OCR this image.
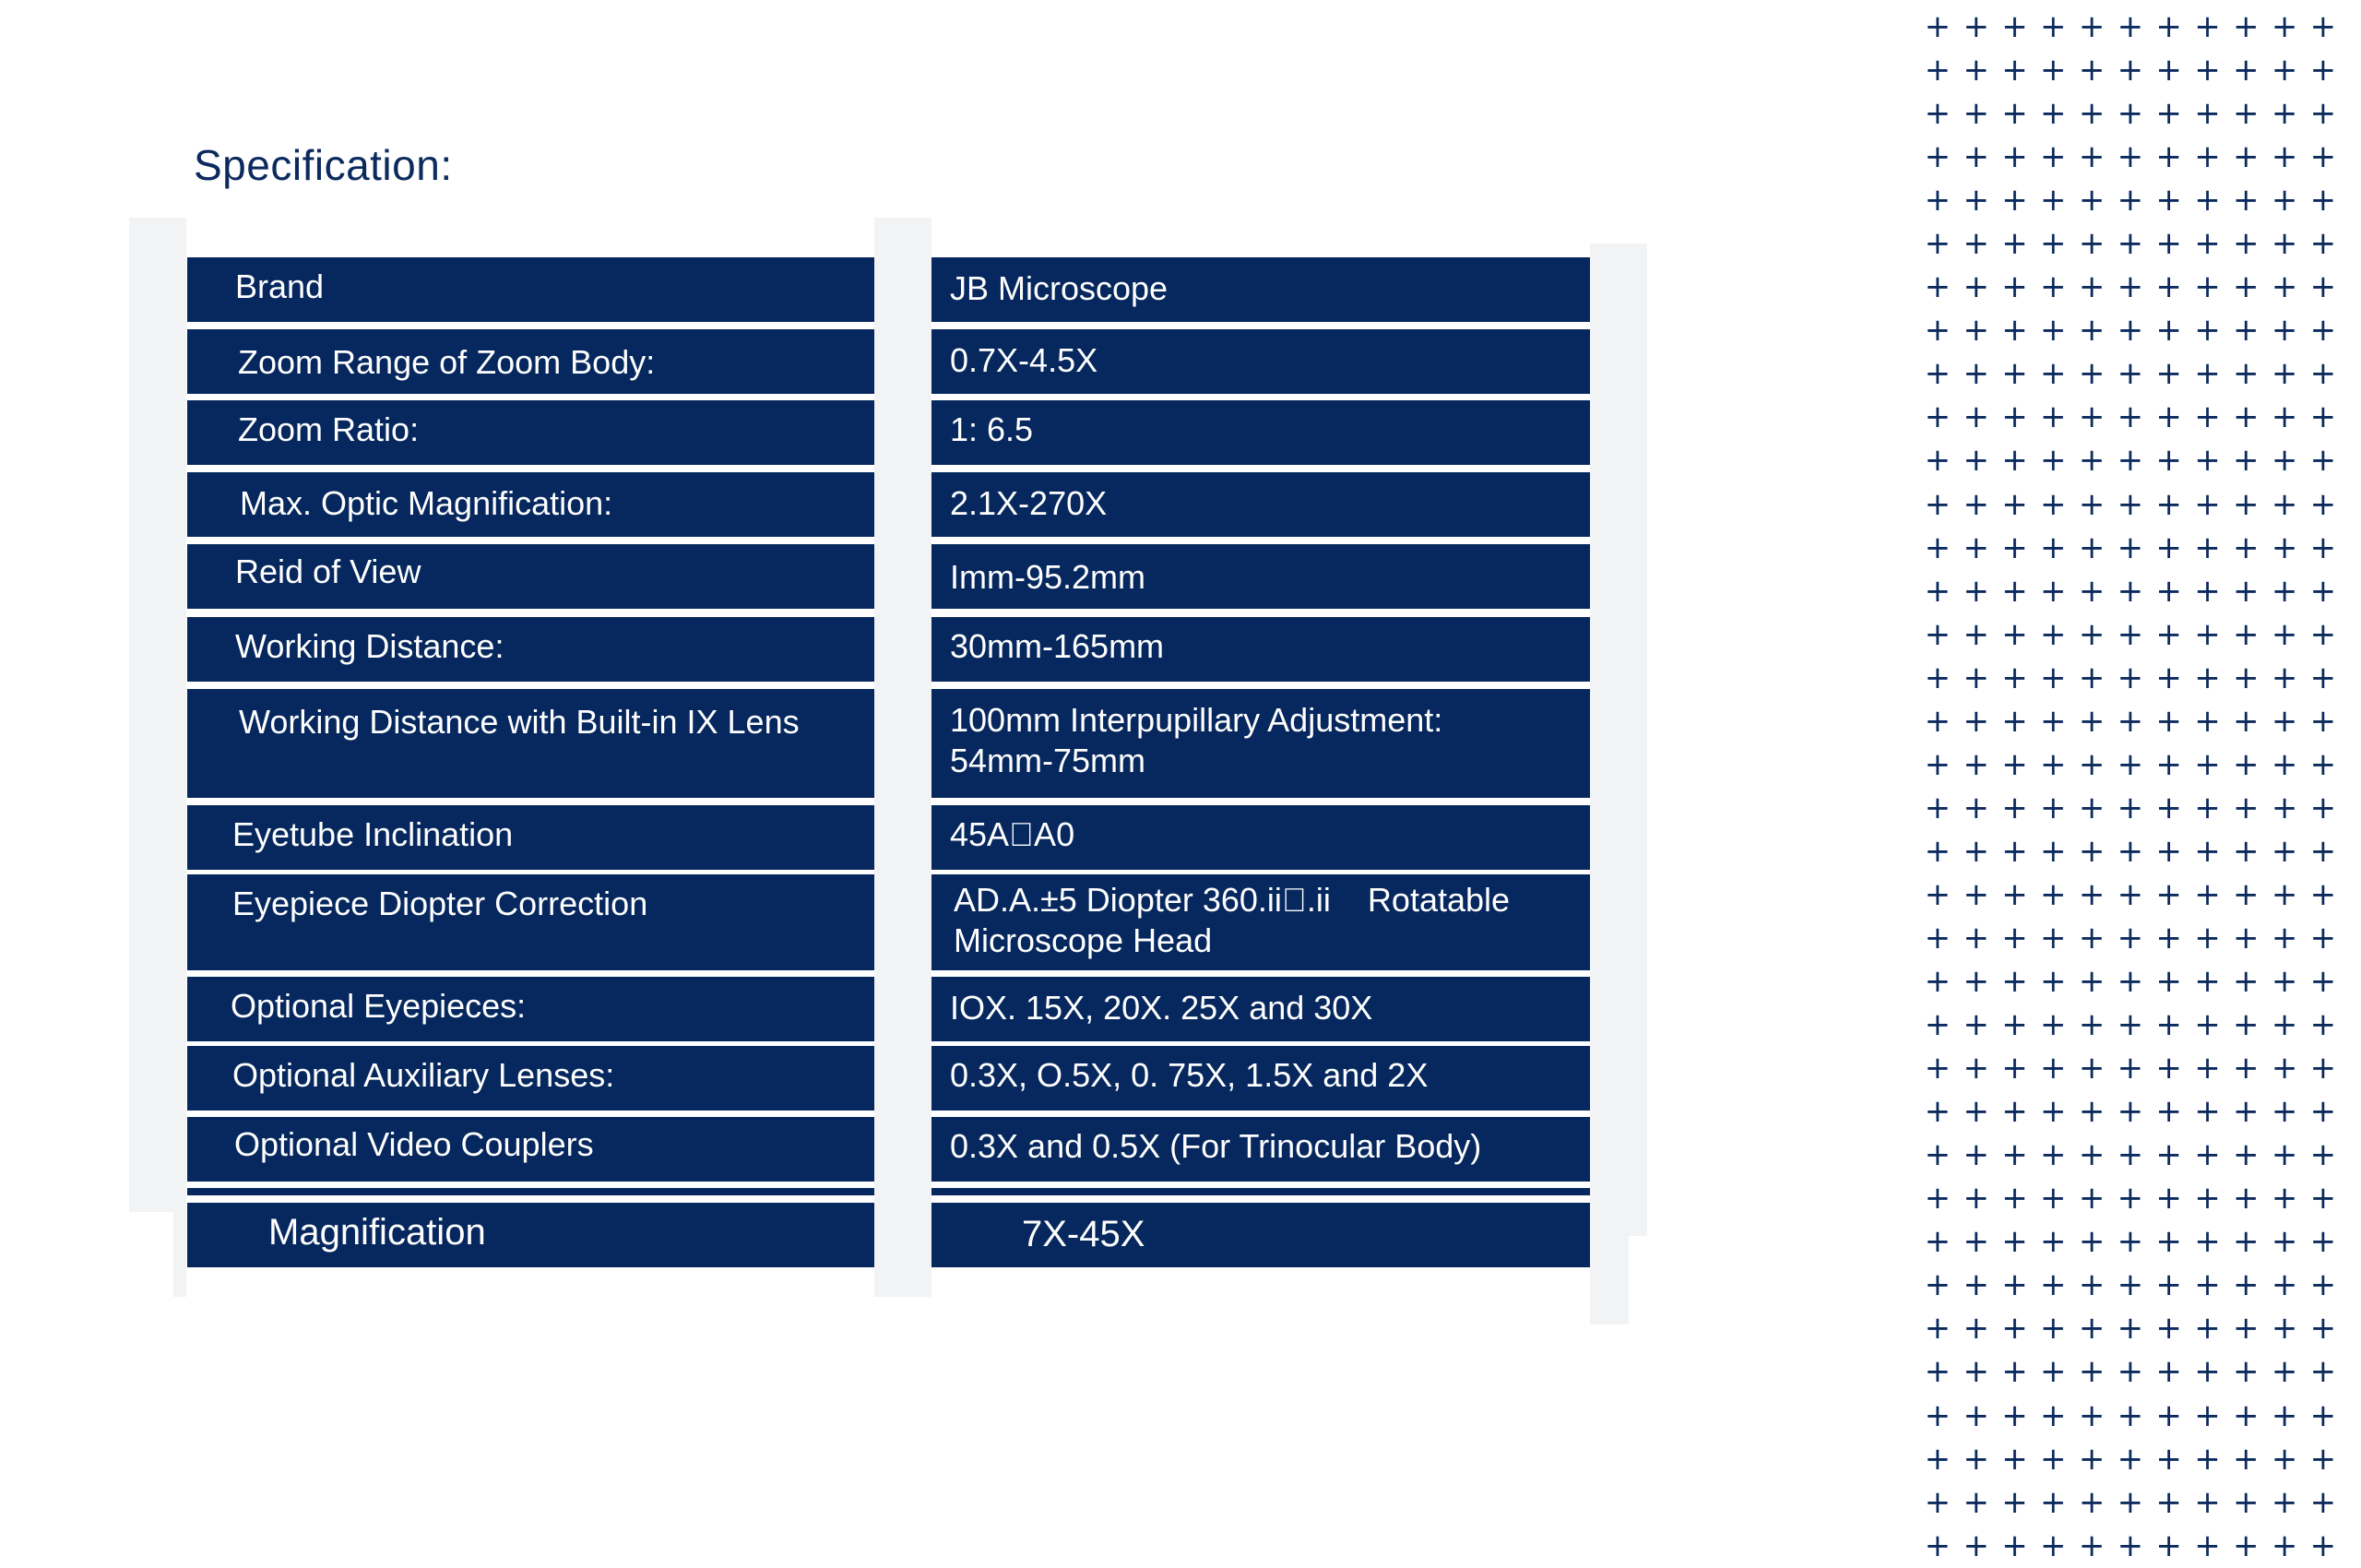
Specification:
Brand
Zoom Range of Zoom Body:
Zoom Ratio:
Max. Optic Magnification:
Reid of View
Working Distance:
Working Distance with Built-in IX Lens
Eyetube Inclination
Eyepiece Diopter Correction
Optional Eyepieces:
Optional Auxiliary Lenses:
Optional Video Couplers
Magnification
JB Microscope
0.7X-4.5X
1: 6.5
2.1X-270X
Imm-95.2mm
30mm-165mm
100mm Interpupillary Adjustment: 54mm-75mm
45A A0
AD.A.±5 Diopter 360.ii .ii    Rotatable Microscope Head
IOX. 15X, 20X. 25X and 30X
0.3X, O.5X, 0. 75X, 1.5X and 2X
0.3X and 0.5X (For Trinocular Body)
7X-45X
+ + + + + + + + + + +
+ + + + + + + + + + +
+ + + + + + + + + + +
+ + + + + + + + + + +
+ + + + + + + + + + +
+ + + + + + + + + + +
+ + + + + + + + + + +
+ + + + + + + + + + +
+ + + + + + + + + + +
+ + + + + + + + + + +
+ + + + + + + + + + +
+ + + + + + + + + + +
+ + + + + + + + + + +
+ + + + + + + + + + +
+ + + + + + + + + + +
+ + + + + + + + + + +
+ + + + + + + + + + +
+ + + + + + + + + + +
+ + + + + + + + + + +
+ + + + + + + + + + +
+ + + + + + + + + + +
+ + + + + + + + + + +
+ + + + + + + + + + +
+ + + + + + + + + + +
+ + + + + + + + + + +
+ + + + + + + + + + +
+ + + + + + + + + + +
+ + + + + + + + + + +
+ + + + + + + + + + +
+ + + + + + + + + + +
+ + + + + + + + + + +
+ + + + + + + + + + +
+ + + + + + + + + + +
+ + + + + + + + + + +
+ + + + + + + + + + +
+ + + + + + + + + + +
